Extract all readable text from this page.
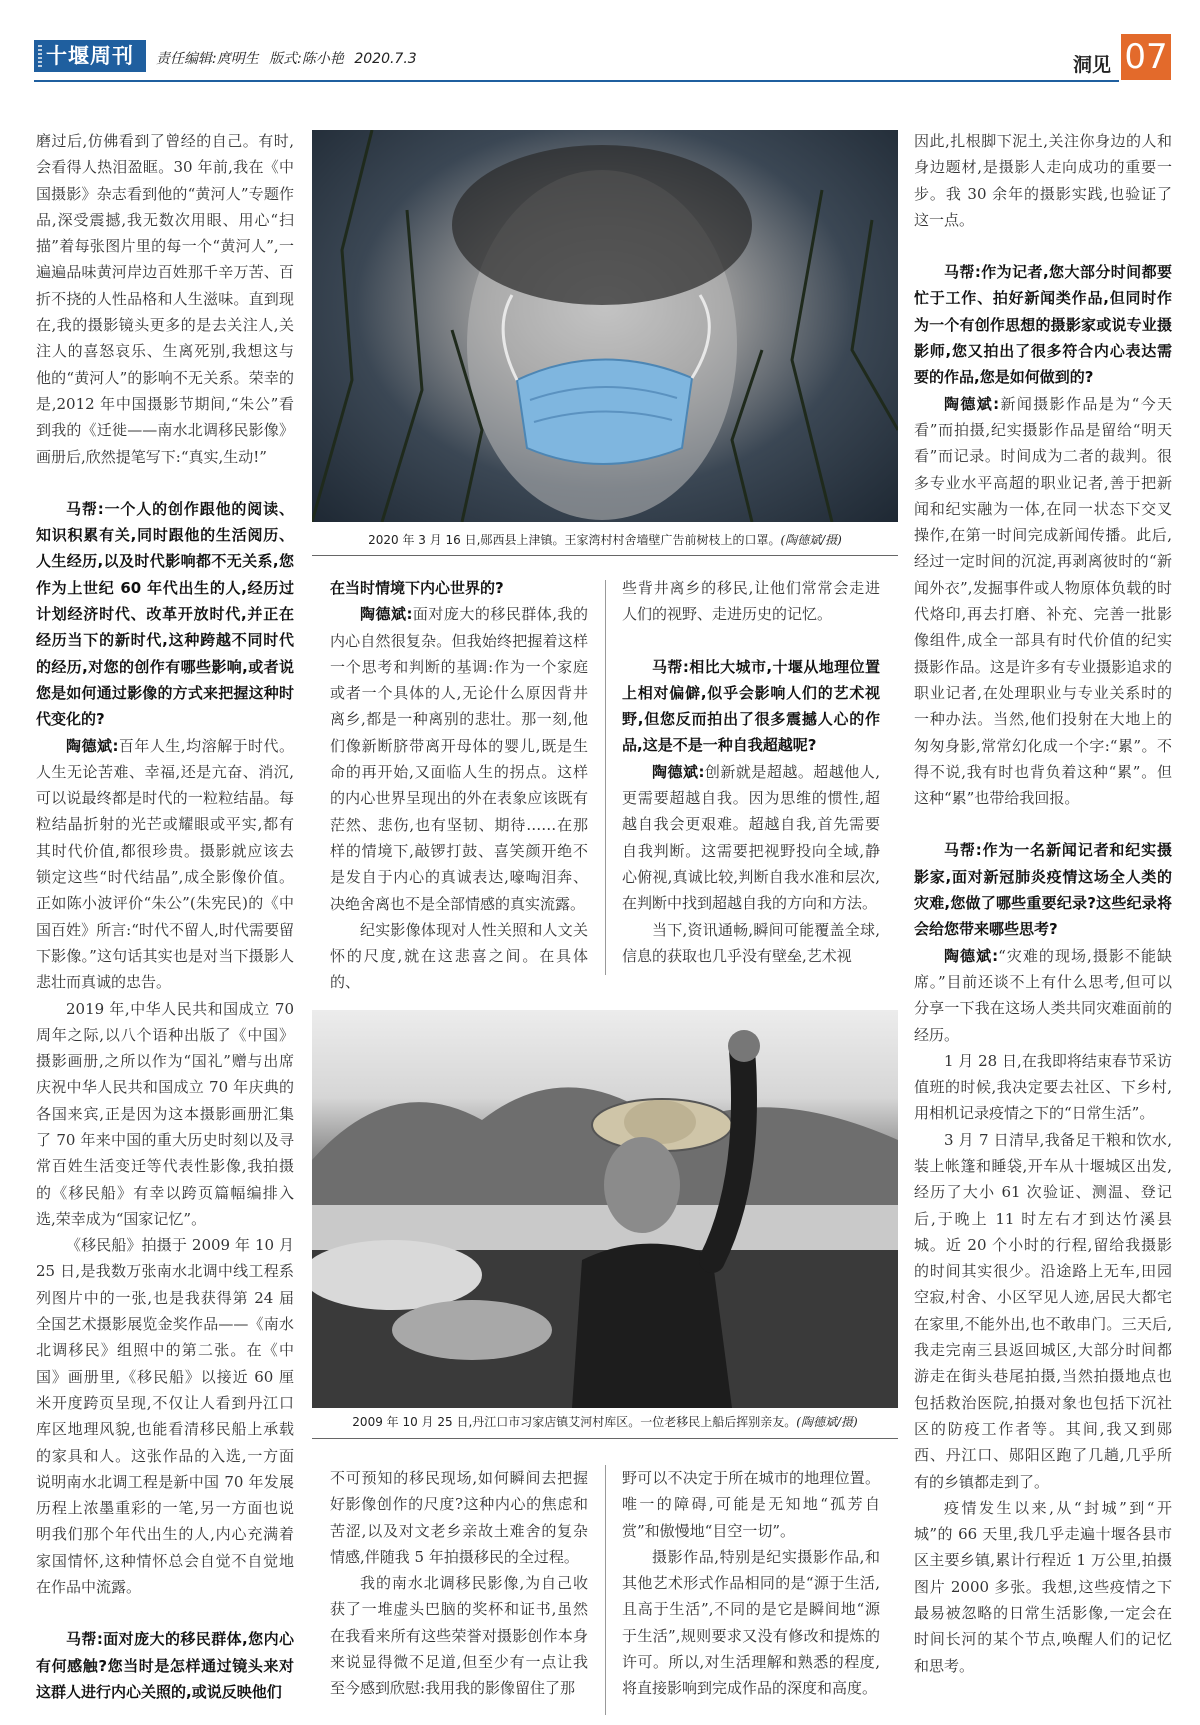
十堰周刊	责任编辑:庹明生 版式:陈小艳 2020.7.3	洞见 07

磨过后,仿佛看到了曾经的自己。有时,会看得人热泪盈眶。30 年前,我在《中国摄影》杂志看到他的“黄河人”专题作品,深受震撼,我无数次用眼、用心“扫描”着每张图片里的每一个“黄河人”,一遍遍品味黄河岸边百姓那千辛万苦、百折不挠的人性品格和人生滋味。直到现在,我的摄影镜头更多的是去关注人,关注人的喜怒哀乐、生离死别,我想这与他的“黄河人”的影响不无关系。荣幸的是,2012 年中国摄影节期间,“朱公”看到我的《迁徙——南水北调移民影像》画册后,欣然提笔写下:“真实,生动!”

马帮:一个人的创作跟他的阅读、知识积累有关,同时跟他的生活阅历、人生经历,以及时代影响都不无关系,您作为上世纪 60 年代出生的人,经历过计划经济时代、改革开放时代,并正在经历当下的新时代,这种跨越不同时代的经历,对您的创作有哪些影响,或者说您是如何通过影像的方式来把握这种时代变化的?

陶德斌:百年人生,均溶解于时代。人生无论苦难、幸福,还是亢奋、消沉,可以说最终都是时代的一粒粒结晶。每粒结晶折射的光芒或耀眼或平实,都有其时代价值,都很珍贵。摄影就应该去锁定这些“时代结晶”,成全影像价值。正如陈小波评价“朱公”(朱宪民)的《中国百姓》所言:“时代不留人,时代需要留下影像。”这句话其实也是对当下摄影人悲壮而真诚的忠告。

2019 年,中华人民共和国成立 70 周年之际,以八个语种出版了《中国》摄影画册,之所以作为“国礼”赠与出席庆祝中华人民共和国成立 70 年庆典的各国来宾,正是因为这本摄影画册汇集了 70 年来中国的重大历史时刻以及寻常百姓生活变迁等代表性影像,我拍摄的《移民船》有幸以跨页篇幅编排入选,荣幸成为“国家记忆”。

《移民船》拍摄于 2009 年 10 月 25 日,是我数万张南水北调中线工程系列图片中的一张,也是我获得第 24 届全国艺术摄影展览金奖作品——《南水北调移民》组照中的第二张。在《中国》画册里,《移民船》以接近 60 厘米开度跨页呈现,不仅让人看到丹江口库区地理风貌,也能看清移民船上承载的家具和人。这张作品的入选,一方面说明南水北调工程是新中国 70 年发展历程上浓墨重彩的一笔,另一方面也说明我们那个年代出生的人,内心充满着家国情怀,这种情怀总会自觉不自觉地在作品中流露。

马帮:面对庞大的移民群体,您内心有何感触?您当时是怎样通过镜头来对这群人进行内心关照的,或说反映他们

2020 年 3 月 16 日,郧西县上津镇。王家湾村村舍墙壁广告前树枝上的口罩。(陶德斌/摄)

在当时情境下内心世界的?

陶德斌:面对庞大的移民群体,我的内心自然很复杂。但我始终把握着这样一个思考和判断的基调:作为一个家庭或者一个具体的人,无论什么原因背井离乡,都是一种离别的悲壮。那一刻,他们像新断脐带离开母体的婴儿,既是生命的再开始,又面临人生的拐点。这样的内心世界呈现出的外在表象应该既有茫然、悲伤,也有坚韧、期待……在那样的情境下,敲锣打鼓、喜笑颜开绝不是发自于内心的真诚表达,嚎啕泪奔、决绝舍离也不是全部情感的真实流露。

纪实影像体现对人性关照和人文关怀的尺度,就在这悲喜之间。在具体的、

些背井离乡的移民,让他们常常会走进人们的视野、走进历史的记忆。

马帮:相比大城市,十堰从地理位置上相对偏僻,似乎会影响人们的艺术视野,但您反而拍出了很多震撼人心的作品,这是不是一种自我超越呢?

陶德斌:创新就是超越。超越他人,更需要超越自我。因为思维的惯性,超越自我会更艰难。超越自我,首先需要自我判断。这需要把视野投向全域,静心俯视,真诚比较,判断自我水准和层次,在判断中找到超越自我的方向和方法。

当下,资讯通畅,瞬间可能覆盖全球,信息的获取也几乎没有壁垒,艺术视

2009 年 10 月 25 日,丹江口市习家店镇艾河村库区。一位老移民上船后挥别亲友。(陶德斌/摄)

不可预知的移民现场,如何瞬间去把握好影像创作的尺度?这种内心的焦虑和苦涩,以及对文老乡亲故土难舍的复杂情感,伴随我 5 年拍摄移民的全过程。

我的南水北调移民影像,为自己收获了一堆虚头巴脑的奖杯和证书,虽然在我看来所有这些荣誉对摄影创作本身来说显得微不足道,但至少有一点让我至今感到欣慰:我用我的影像留住了那

野可以不决定于所在城市的地理位置。唯一的障碍,可能是无知地“孤芳自赏”和傲慢地“目空一切”。

摄影作品,特别是纪实摄影作品,和其他艺术形式作品相同的是“源于生活,且高于生活”,不同的是它是瞬间地“源于生活”,规则要求又没有修改和提炼的许可。所以,对生活理解和熟悉的程度,将直接影响到完成作品的深度和高度。

因此,扎根脚下泥土,关注你身边的人和身边题材,是摄影人走向成功的重要一步。我 30 余年的摄影实践,也验证了这一点。

马帮:作为记者,您大部分时间都要忙于工作、拍好新闻类作品,但同时作为一个有创作思想的摄影家或说专业摄影师,您又拍出了很多符合内心表达需要的作品,您是如何做到的?

陶德斌:新闻摄影作品是为“今天看”而拍摄,纪实摄影作品是留给“明天看”而记录。时间成为二者的裁判。很多专业水平高超的职业记者,善于把新闻和纪实融为一体,在同一状态下交叉操作,在第一时间完成新闻传播。此后,经过一定时间的沉淀,再剥离彼时的“新闻外衣”,发掘事件或人物原体负载的时代烙印,再去打磨、补充、完善一批影像组件,成全一部具有时代价值的纪实摄影作品。这是许多有专业摄影追求的职业记者,在处理职业与专业关系时的一种办法。当然,他们投射在大地上的匆匆身影,常常幻化成一个字:“累”。不得不说,我有时也背负着这种“累”。但这种“累”也带给我回报。

马帮:作为一名新闻记者和纪实摄影家,面对新冠肺炎疫情这场全人类的灾难,您做了哪些重要纪录?这些纪录将会给您带来哪些思考?

陶德斌:“灾难的现场,摄影不能缺席。”目前还谈不上有什么思考,但可以分享一下我在这场人类共同灾难面前的经历。

1 月 28 日,在我即将结束春节采访值班的时候,我决定要去社区、下乡村,用相机记录疫情之下的“日常生活”。

3 月 7 日清早,我备足干粮和饮水,装上帐篷和睡袋,开车从十堰城区出发,经历了大小 61 次验证、测温、登记后,于晚上 11 时左右才到达竹溪县城。近 20 个小时的行程,留给我摄影的时间其实很少。沿途路上无车,田园空寂,村舍、小区罕见人迹,居民大都宅在家里,不能外出,也不敢串门。三天后,我走完南三县返回城区,大部分时间都游走在街头巷尾拍摄,当然拍摄地点也包括救治医院,拍摄对象也包括下沉社区的防疫工作者等。其间,我又到郧西、丹江口、郧阳区跑了几趟,几乎所有的乡镇都走到了。

疫情发生以来,从“封城”到“开城”的 66 天里,我几乎走遍十堰各县市区主要乡镇,累计行程近 1 万公里,拍摄图片 2000 多张。我想,这些疫情之下最易被忽略的日常生活影像,一定会在时间长河的某个节点,唤醒人们的记忆和思考。
